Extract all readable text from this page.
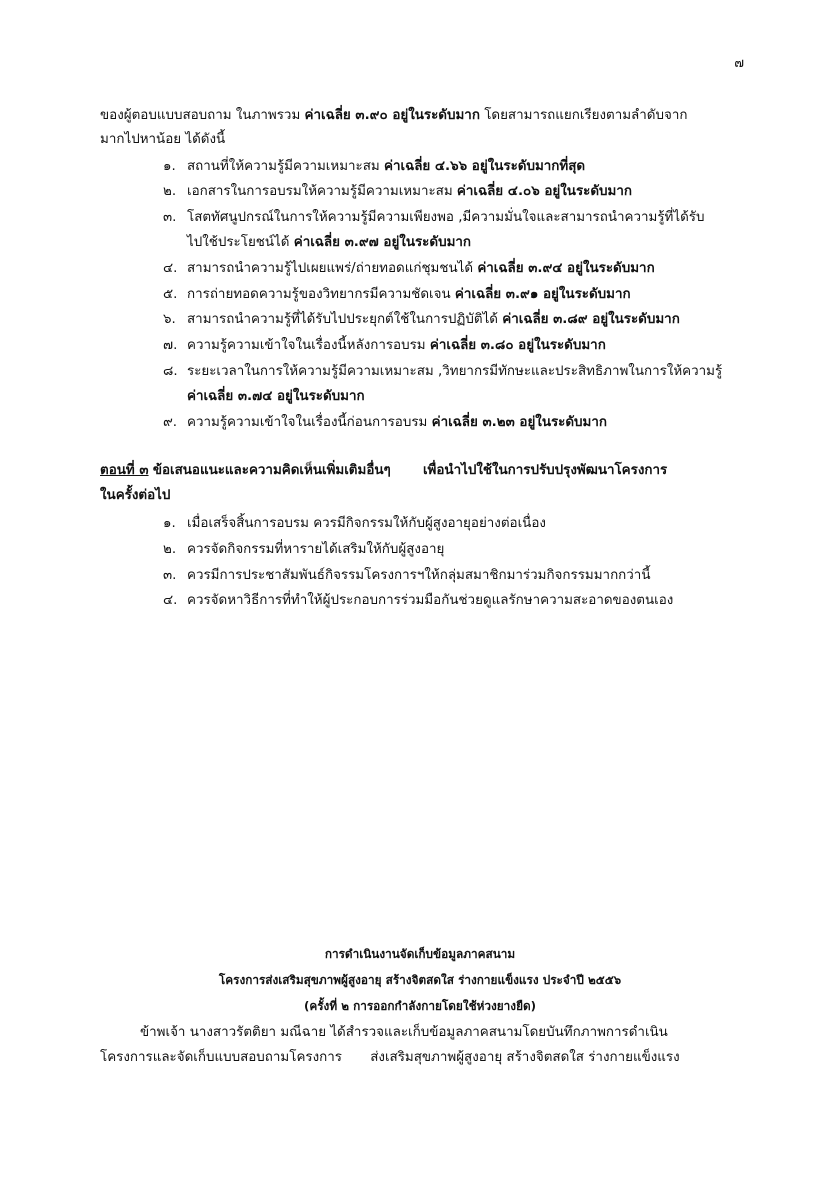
๗
ของผู้ตอบแบบสอบถาม ในภาพรวม ค่าเฉลี่ย ๓.๙๐ อยู่ในระดับมาก โดยสามารถแยกเรียงตามลำดับจาก
มากไปหาน้อย ได้ดังนี้
๑. สถานที่ให้ความรู้มีความเหมาะสม ค่าเฉลี่ย ๔.๖๖ อยู่ในระดับมากที่สุด
๒. เอกสารในการอบรมให้ความรู้มีความเหมาะสม ค่าเฉลี่ย ๔.๐๖ อยู่ในระดับมาก
๓. โสตทัศนูปกรณ์ในการให้ความรู้มีความเพียงพอ ,มีความมั่นใจและสามารถนำความรู้ที่ได้รับ
ไปใช้ประโยชน์ได้ ค่าเฉลี่ย ๓.๙๗ อยู่ในระดับมาก
๔. สามารถนำความรู้ไปเผยแพร่/ถ่ายทอดแก่ชุมชนได้ ค่าเฉลี่ย ๓.๙๔ อยู่ในระดับมาก
๕. การถ่ายทอดความรู้ของวิทยากรมีความชัดเจน ค่าเฉลี่ย ๓.๙๑ อยู่ในระดับมาก
๖. สามารถนำความรู้ที่ได้รับไปประยุกต์ใช้ในการปฏิบัติได้ ค่าเฉลี่ย ๓.๘๙ อยู่ในระดับมาก
๗. ความรู้ความเข้าใจในเรื่องนี้หลังการอบรม ค่าเฉลี่ย ๓.๘๐ อยู่ในระดับมาก
๘. ระยะเวลาในการให้ความรู้มีความเหมาะสม ,วิทยากรมีทักษะและประสิทธิภาพในการให้ความรู้
ค่าเฉลี่ย ๓.๗๔ อยู่ในระดับมาก
๙. ความรู้ความเข้าใจในเรื่องนี้ก่อนการอบรม ค่าเฉลี่ย ๓.๒๓ อยู่ในระดับมาก
ตอนที่ ๓ ข้อเสนอแนะและความคิดเห็นเพิ่มเติมอื่นๆ เพื่อนำไปใช้ในการปรับปรุงพัฒนาโครงการ
ในครั้งต่อไป
๑. เมื่อเสร็จสิ้นการอบรม ควรมีกิจกรรมให้กับผู้สูงอายุอย่างต่อเนื่อง
๒. ควรจัดกิจกรรมที่หารายได้เสริมให้กับผู้สูงอายุ
๓. ควรมีการประชาสัมพันธ์กิจรรมโครงการฯให้กลุ่มสมาชิกมาร่วมกิจกรรมมากกว่านี้
๔. ควรจัดหาวิธีการที่ทำให้ผู้ประกอบการร่วมมือกันช่วยดูแลรักษาความสะอาดของตนเอง
การดำเนินงานจัดเก็บข้อมูลภาคสนาม
โครงการส่งเสริมสุขภาพผู้สูงอายุ สร้างจิตสดใส ร่างกายแข็งแรง ประจำปี ๒๕๕๖
(ครั้งที่ ๒ การออกกำลังกายโดยใช้ห่วงยางยืด)
ข้าพเจ้า นางสาวรัตติยา มณีฉาย ได้สำรวจและเก็บข้อมูลภาคสนามโดยบันทึกภาพการดำเนิน
โครงการและจัดเก็บแบบสอบถามโครงการ ส่งเสริมสุขภาพผู้สูงอายุ สร้างจิตสดใส ร่างกายแข็งแรง
